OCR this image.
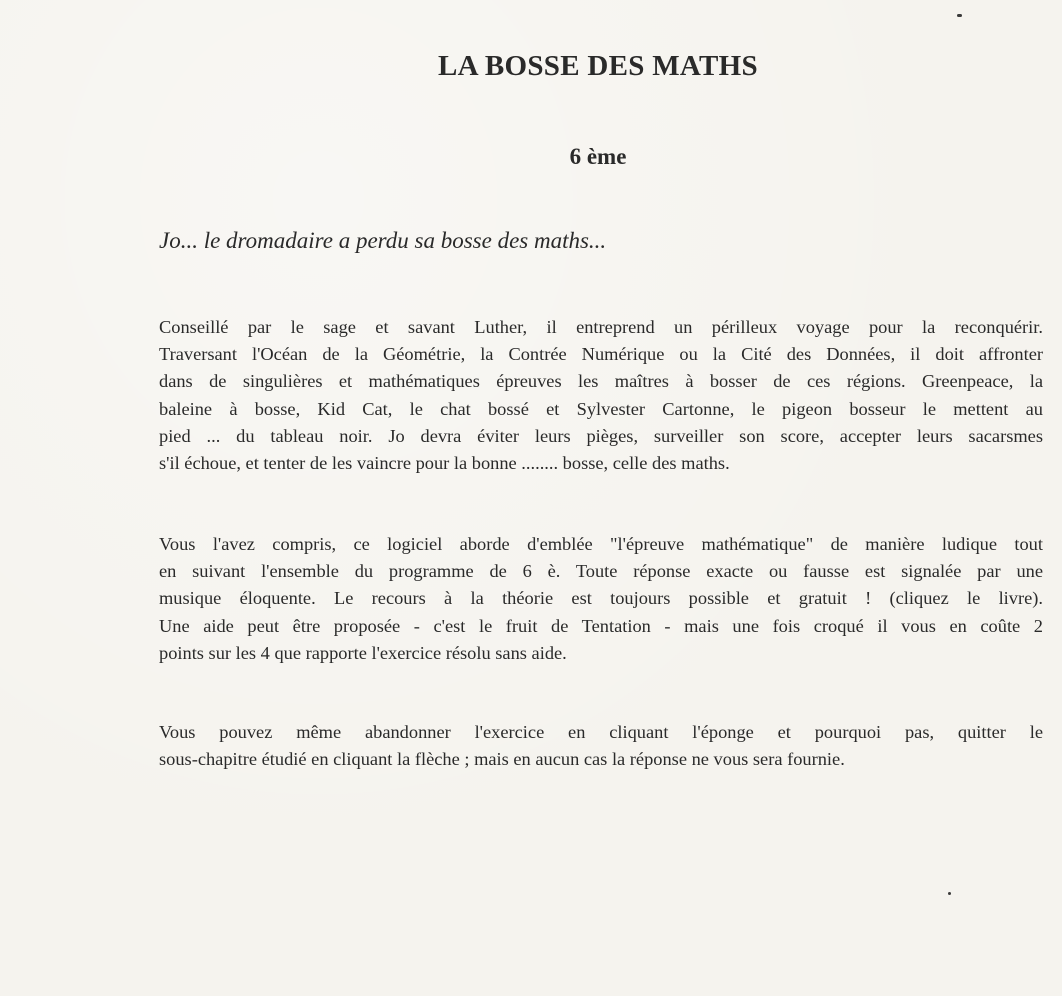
LA BOSSE DES MATHS
6 ème

Jo... le dromadaire a perdu sa bosse des maths...

Conseillé par le sage et savant Luther, il entreprend un périlleux voyage pour la reconquérir.
Traversant l'Océan de la Géométrie, la Contrée Numérique ou la Cité des Données, il doit affronter
dans de singulières et mathématiques épreuves les maîtres à bosser de ces régions. Greenpeace, la
baleine à bosse, Kid Cat, le chat bossé et Sylvester Cartonne, le pigeon bosseur le mettent au
pied ... du tableau noir. Jo devra éviter leurs pièges, surveiller son score, accepter leurs sacarsmes
s'il échoue, et tenter de les vaincre pour la bonne ........ bosse, celle des maths.
Vous l'avez compris, ce logiciel aborde d'emblée "l'épreuve mathématique" de manière ludique tout
en suivant l'ensemble du programme de 6 è. Toute réponse exacte ou fausse est signalée par une
musique éloquente. Le recours à la théorie est toujours possible et gratuit ! (cliquez le livre).
Une aide peut être proposée - c'est le fruit de Tentation - mais une fois croqué il vous en coûte 2
points sur les 4 que rapporte l'exercice résolu sans aide.
Vous pouvez même abandonner l'exercice en cliquant l'éponge et pourquoi pas, quitter le
sous-chapitre étudié en cliquant la flèche ; mais en aucun cas la réponse ne vous sera fournie.
